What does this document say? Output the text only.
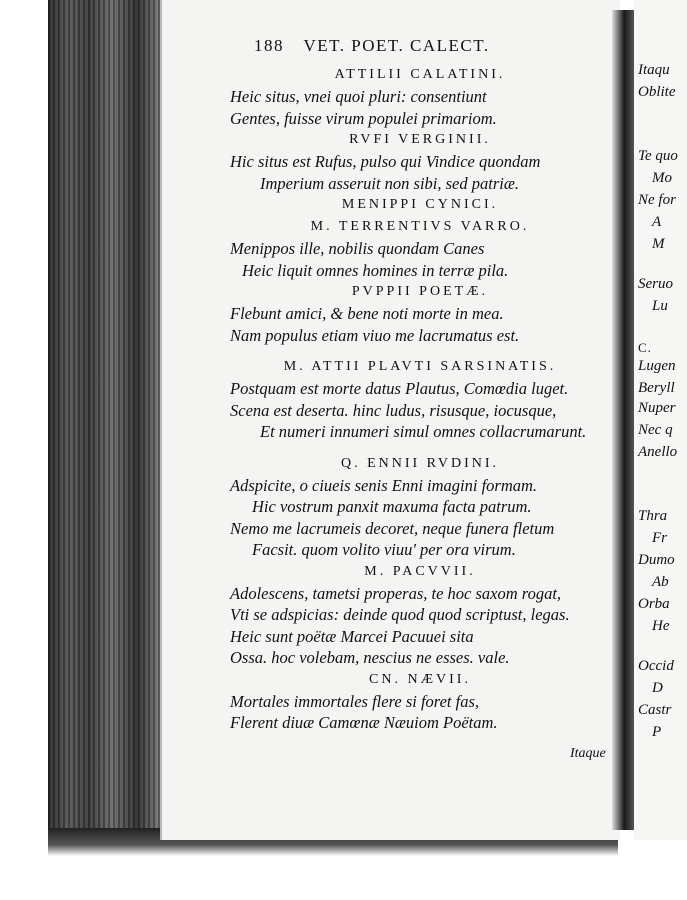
Itaqu
Oblite
Te quo
Mo
Ne for
A
M
Seruo
Lu
C.
Lugen
Beryll
Nuper
Nec q
Anello
Thra
Fr
Dumo
Ab
Orba
He
Occid
D
Castr
P
188 VET. POET. CALECT.
ATTILII CALATINI.
Heic situs, vnei quoi pluri: consentiunt
Gentes, fuisse virum populei primariom.
RVFI VERGINII.
Hic situs est Rufus, pulso qui Vindice quondam
Imperium asseruit non sibi, sed patriæ.
MENIPPI CYNICI.
M. TERRENTIVS VARRO.
Menippos ille, nobilis quondam Canes
Heic liquit omnes homines in terræ pila.
PVPPII POETÆ.
Flebunt amici, & bene noti morte in mea.
Nam populus etiam viuo me lacrumatus est.
M. ATTII PLAVTI SARSINATIS.
Postquam est morte datus Plautus, Comœdia luget.
Scena est deserta. hinc ludus, risusque, iocusque,
Et numeri innumeri simul omnes collacrumarunt.
Q. ENNII RVDINI.
Adspicite, o ciueis senis Enni imagini formam.
Hic vostrum panxit maxuma facta patrum.
Nemo me lacrumeis decoret, neque funera fletum
Facsit. quom volito viuu' per ora virum.
M. PACVVII.
Adolescens, tametsi properas, te hoc saxom rogat,
Vti se adspicias: deinde quod quod scriptust, legas.
Heic sunt poëtæ Marcei Pacuuei sita
Ossa. hoc volebam, nescius ne esses. vale.
CN. NÆVII.
Mortales immortales flere si foret fas,
Flerent diuæ Camœnæ Næuiom Poëtam.
Itaque
